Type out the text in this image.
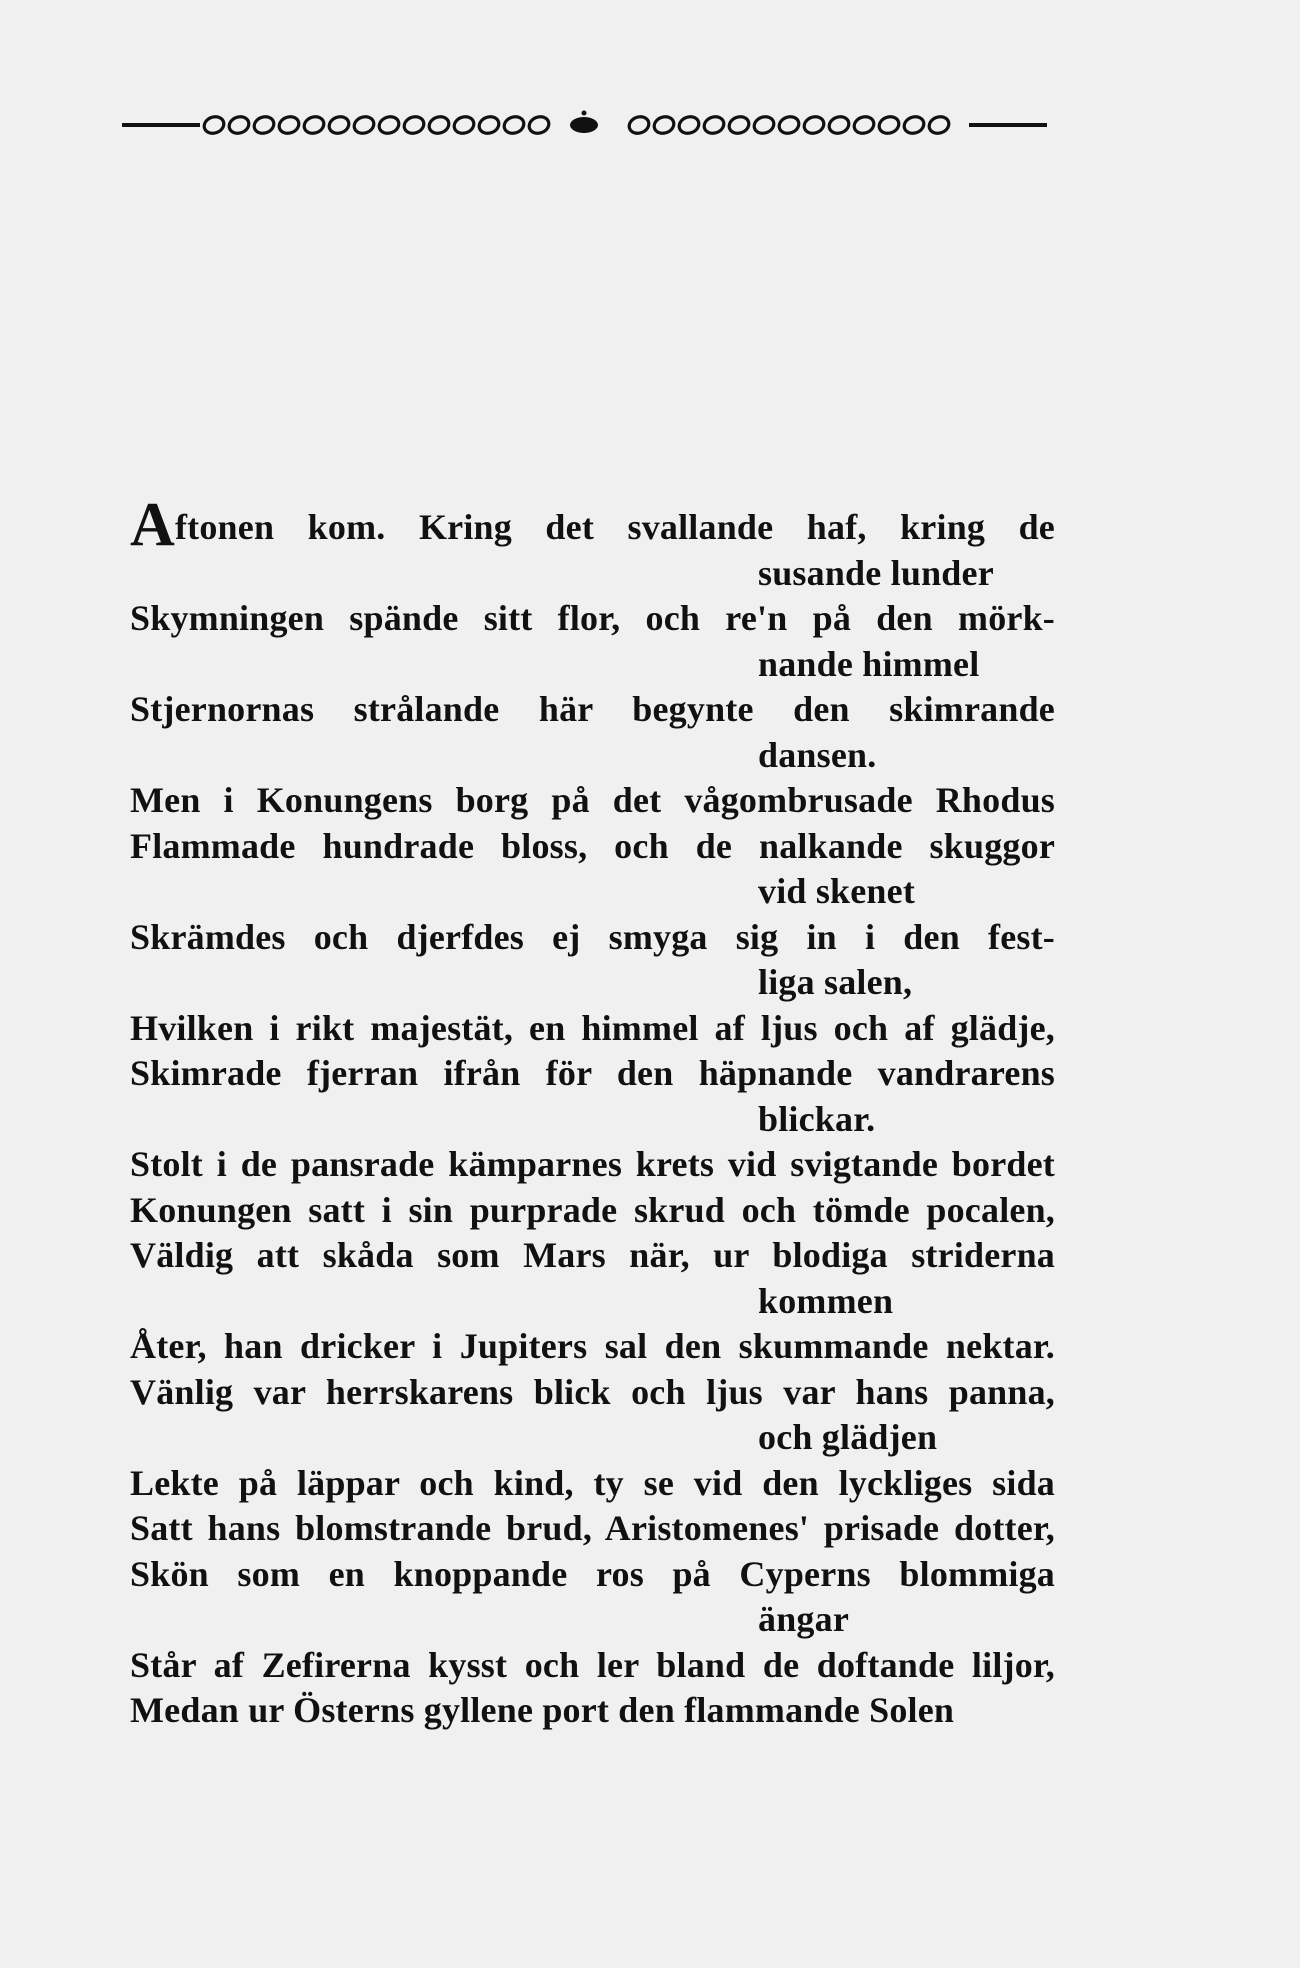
Aftonen kom. Kring det svallande haf, kring de

susande lunder

Skymningen spände sitt flor, och re'n på den mörk-

nande himmel

Stjernornas strålande här begynte den skimrande

dansen.

Men i Konungens borg på det vågombrusade Rhodus

Flammade hundrade bloss, och de nalkande skuggor

vid skenet

Skrämdes och djerfdes ej smyga sig in i den fest-

liga salen,

Hvilken i rikt majestät, en himmel af ljus och af glädje,

Skimrade fjerran ifrån för den häpnande vandrarens

blickar.

Stolt i de pansrade kämparnes krets vid svigtande bordet

Konungen satt i sin purprade skrud och tömde pocalen,

Väldig att skåda som Mars när, ur blodiga striderna

kommen

Åter, han dricker i Jupiters sal den skummande nektar.

Vänlig var herrskarens blick och ljus var hans panna,

och glädjen

Lekte på läppar och kind, ty se vid den lyckliges sida

Satt hans blomstrande brud, Aristomenes' prisade dotter,

Skön som en knoppande ros på Cyperns blommiga

ängar

Står af Zefirerna kysst och ler bland de doftande liljor,

Medan ur Österns gyllene port den flammande Solen
